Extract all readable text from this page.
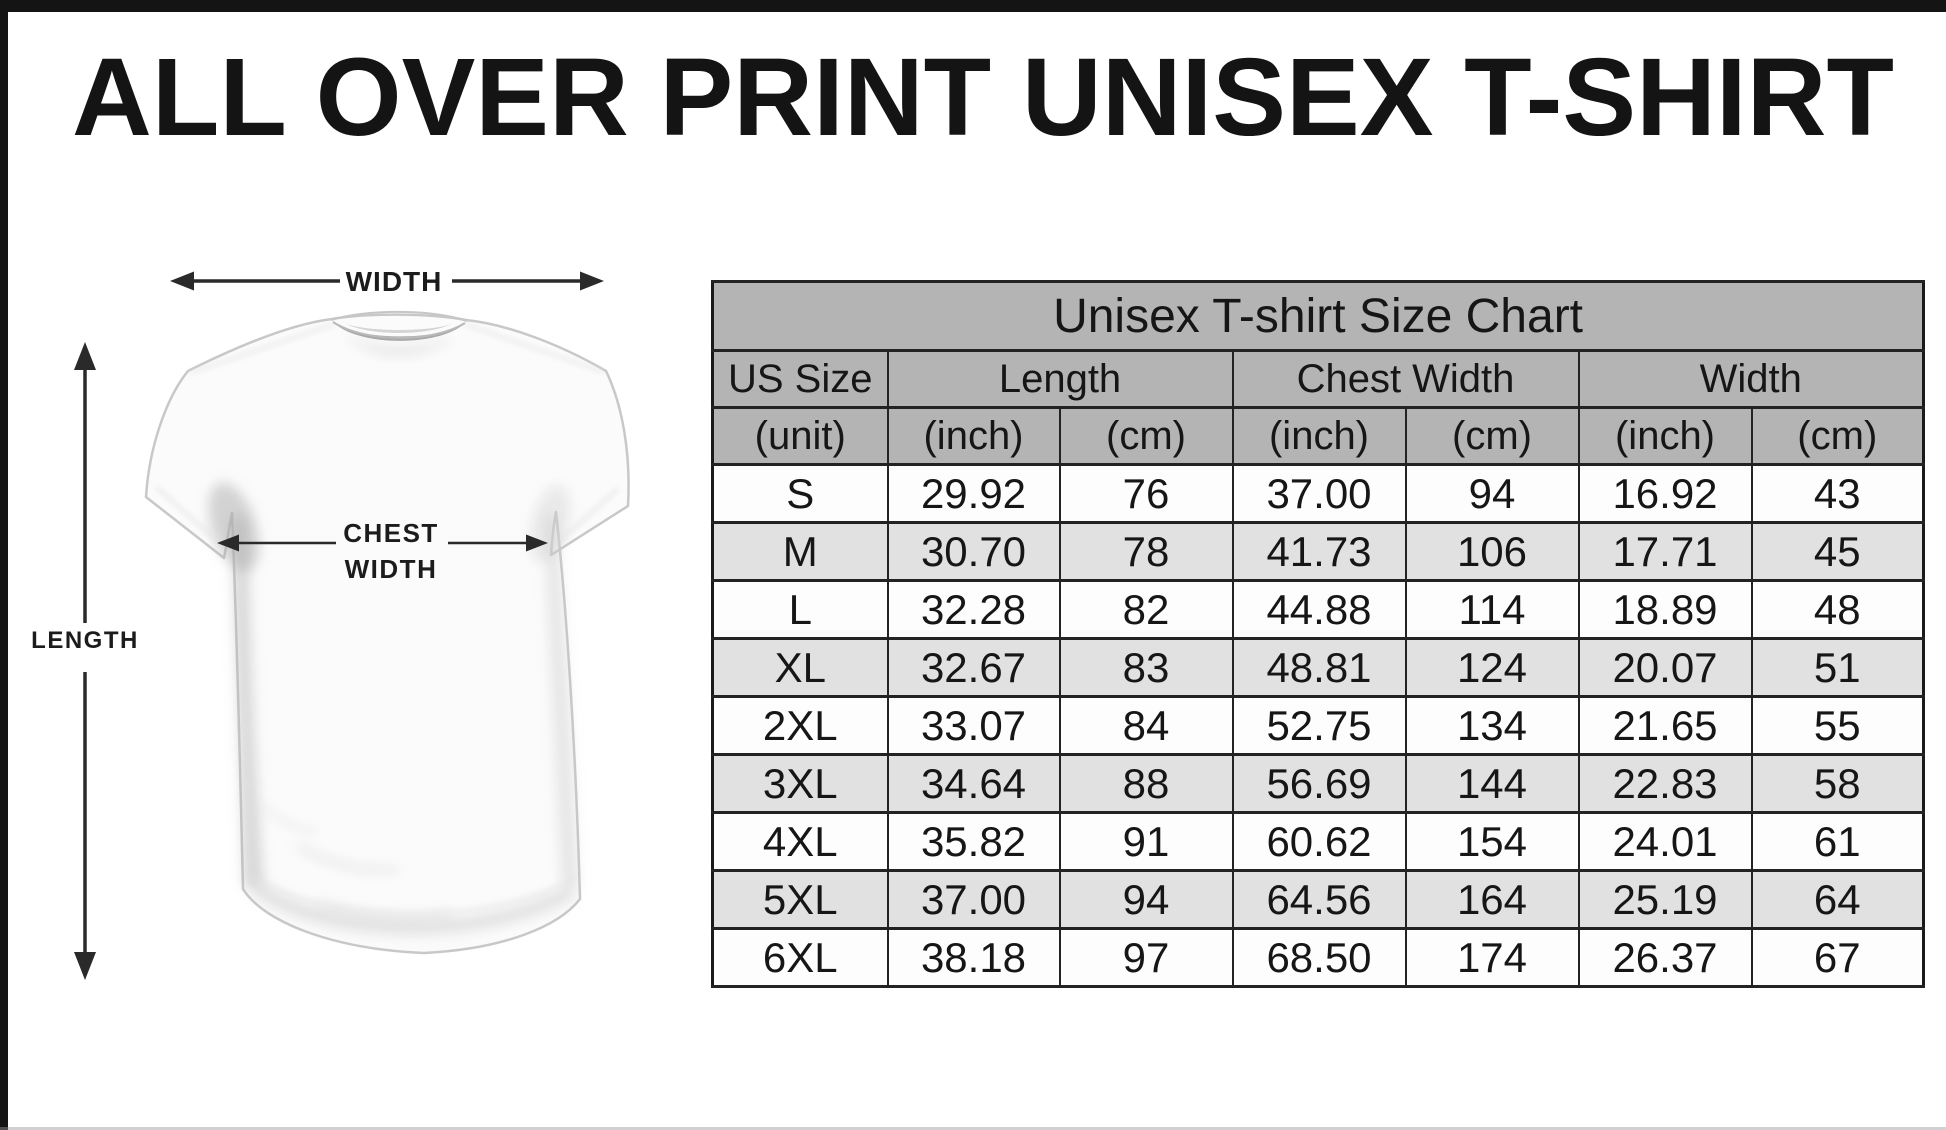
ALL OVER PRINT UNISEX T-SHIRT
WIDTH
LENGTH
CHEST
WIDTH
Unisex T-shirt Size Chart						
US Size	Length		Chest Width		Width	
(unit)	(inch)	(cm)	(inch)	(cm)	(inch)	(cm)
S	29.92	76	37.00	94	16.92	43
M	30.70	78	41.73	106	17.71	45
L	32.28	82	44.88	114	18.89	48
XL	32.67	83	48.81	124	20.07	51
2XL	33.07	84	52.75	134	21.65	55
3XL	34.64	88	56.69	144	22.83	58
4XL	35.82	91	60.62	154	24.01	61
5XL	37.00	94	64.56	164	25.19	64
6XL	38.18	97	68.50	174	26.37	67
